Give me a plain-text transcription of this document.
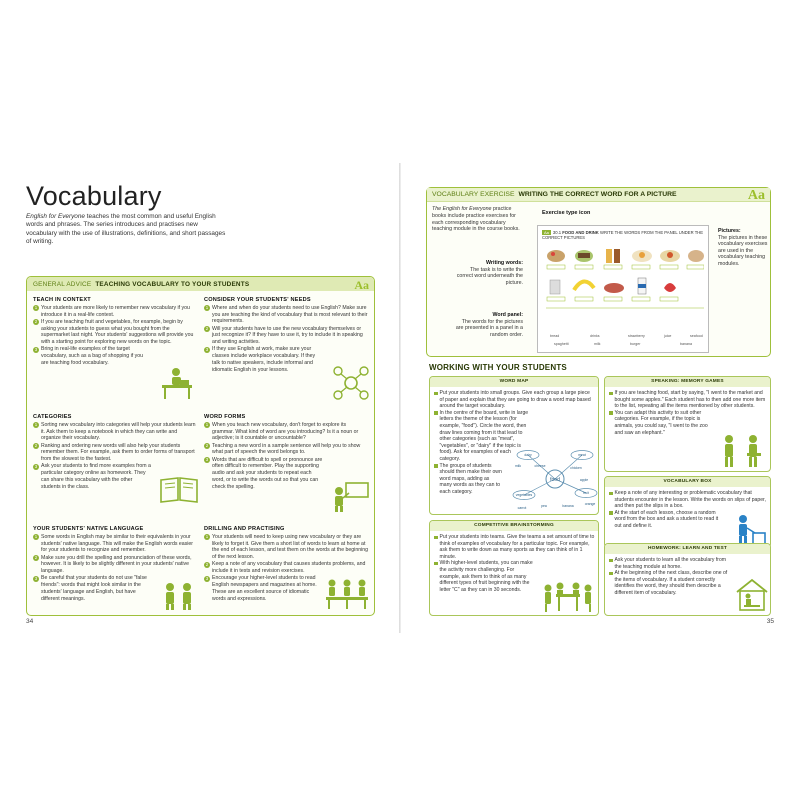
Vocabulary
English for Everyone teaches the most common and useful English words and phrases. The series introduces and practises new vocabulary with the use of illustrations, definitions, and short passages of writing.
GENERAL ADVICE TEACHING VOCABULARY TO YOUR STUDENTS	Aa
TEACH IN CONTEXT
1 Your students are more likely to remember new vocabulary if you introduce it in a real-life context.
2 If you are teaching fruit and vegetables, for example, begin by asking your students to guess what you bought from the supermarket last night. Your students' suggestions will provide you with a starting point for exploring new words on the topic.
3 Bring in real-life examples of the target vocabulary, such as a bag of shopping if you are teaching food vocabulary.
CATEGORIES
1 Sorting new vocabulary into categories will help your students learn it. Ask them to keep a notebook in which they can write and organize their vocabulary.
2 Ranking and ordering new words will also help your students remember them. For example, ask them to order forms of transport from the slowest to the fastest.
3 Ask your students to find more examples from a particular category online as homework. They can share this vocabulary with the other students in the class.
YOUR STUDENTS' NATIVE LANGUAGE
1 Some words in English may be similar to their equivalents in your students' native language. This will make the English words easier for your students to recognize and remember.
2 Make sure you drill the spelling and pronunciation of these words, however. It is likely to be slightly different in your students' native language.
3 Be careful that your students do not use "false friends": words that might look similar in the students' language and English, but have different meanings.
CONSIDER YOUR STUDENTS' NEEDS
1 Where and when do your students need to use English? Make sure you are teaching the kind of vocabulary that is most relevant to their requirements.
2 Will your students have to use the new vocabulary themselves or just recognize it? If they have to use it, try to include it in speaking and writing activities.
3 If they use English at work, make sure your classes include workplace vocabulary. If they talk to native speakers, include informal and idiomatic English in your lessons.
WORD FORMS
1 When you teach new vocabulary, don't forget to explore its grammar. What kind of word are you introducing? Is it a noun or adjective; is it countable or uncountable?
2 Teaching a new word in a sample sentence will help you to show what part of speech the word belongs to.
3 Words that are difficult to spell or pronounce are often difficult to remember. Play the supporting audio and ask your students to repeat each word, or to write the words out so that you can check the spelling.
DRILLING AND PRACTISING
1 Your students will need to keep using new vocabulary or they are likely to forget it. Give them a short list of words to learn at home at the end of each lesson, and test them on the words at the beginning of the next lesson.
2 Keep a note of any vocabulary that causes students problems, and include it in tests and revision exercises.
3 Encourage your higher-level students to read English newspapers and magazines at home. These are an excellent source of idiomatic words and expressions.
34
VOCABULARY EXERCISE WRITING THE CORRECT WORD FOR A PICTURE	Aa
The English for Everyone practice books include practice exercises for each corresponding vocabulary teaching module in the course books.
Writing words:
The task is to write the correct word underneath the picture.
Word panel:
The words for the pictures are presented in a panel in a random order.
Pictures:
The pictures in these vocabulary exercises are used in the vocabulary teaching modules.
Exercise type icon
Aa 30.1 FOOD AND DRINK WRITE THE WORDS FROM THE PANEL UNDER THE CORRECT PICTURES
bread	drinks	strawberry	juice	seafood
spaghetti	milk	burger	banana
WORKING WITH YOUR STUDENTS
WORD MAP
Put your students into small groups. Give each group a large piece of paper and explain that they are going to draw a word map based around the target vocabulary.
In the centre of the board, write in large letters the theme of the lesson (for example, "food"). Circle the word, then draw lines coming from it that lead to other categories (such as "meat", "vegetables", or "dairy" if the topic is food). Ask for examples of each category.
The groups of students should then make their own word maps, adding as many words as they can to each category.
food
dairy
milk	cheese
meat
chicken
fruit
apple
orange
banana
vegetables
carrot	pea
COMPETITIVE BRAINSTORMING
Put your students into teams. Give the teams a set amount of time to think of examples of vocabulary for a particular topic. For example, ask them to write down as many sports as they can think of in 1 minute.
With higher-level students, you can make the activity more challenging. For example, ask them to think of as many different types of fruit beginning with the letter "C" as they can in 30 seconds.
SPEAKING: MEMORY GAMES
If you are teaching food, start by saying, "I went to the market and bought some apples." Each student has to then add one more item to the list, repeating all the items mentioned by other students.
You can adapt this activity to suit other categories. For example, if the topic is animals, you could say, "I went to the zoo and saw an elephant."
VOCABULARY BOX
Keep a note of any interesting or problematic vocabulary that students encounter in the lesson. Write the words on slips of paper, and then put the slips in a box.
At the start of each lesson, choose a random word from the box and ask a student to read it out and define it.
HOMEWORK: LEARN AND TEST
Ask your students to learn all the vocabulary from the teaching module at home.
At the beginning of the next class, describe one of the items of vocabulary. If a student correctly identifies the word, they should then describe a different item of vocabulary.
35
